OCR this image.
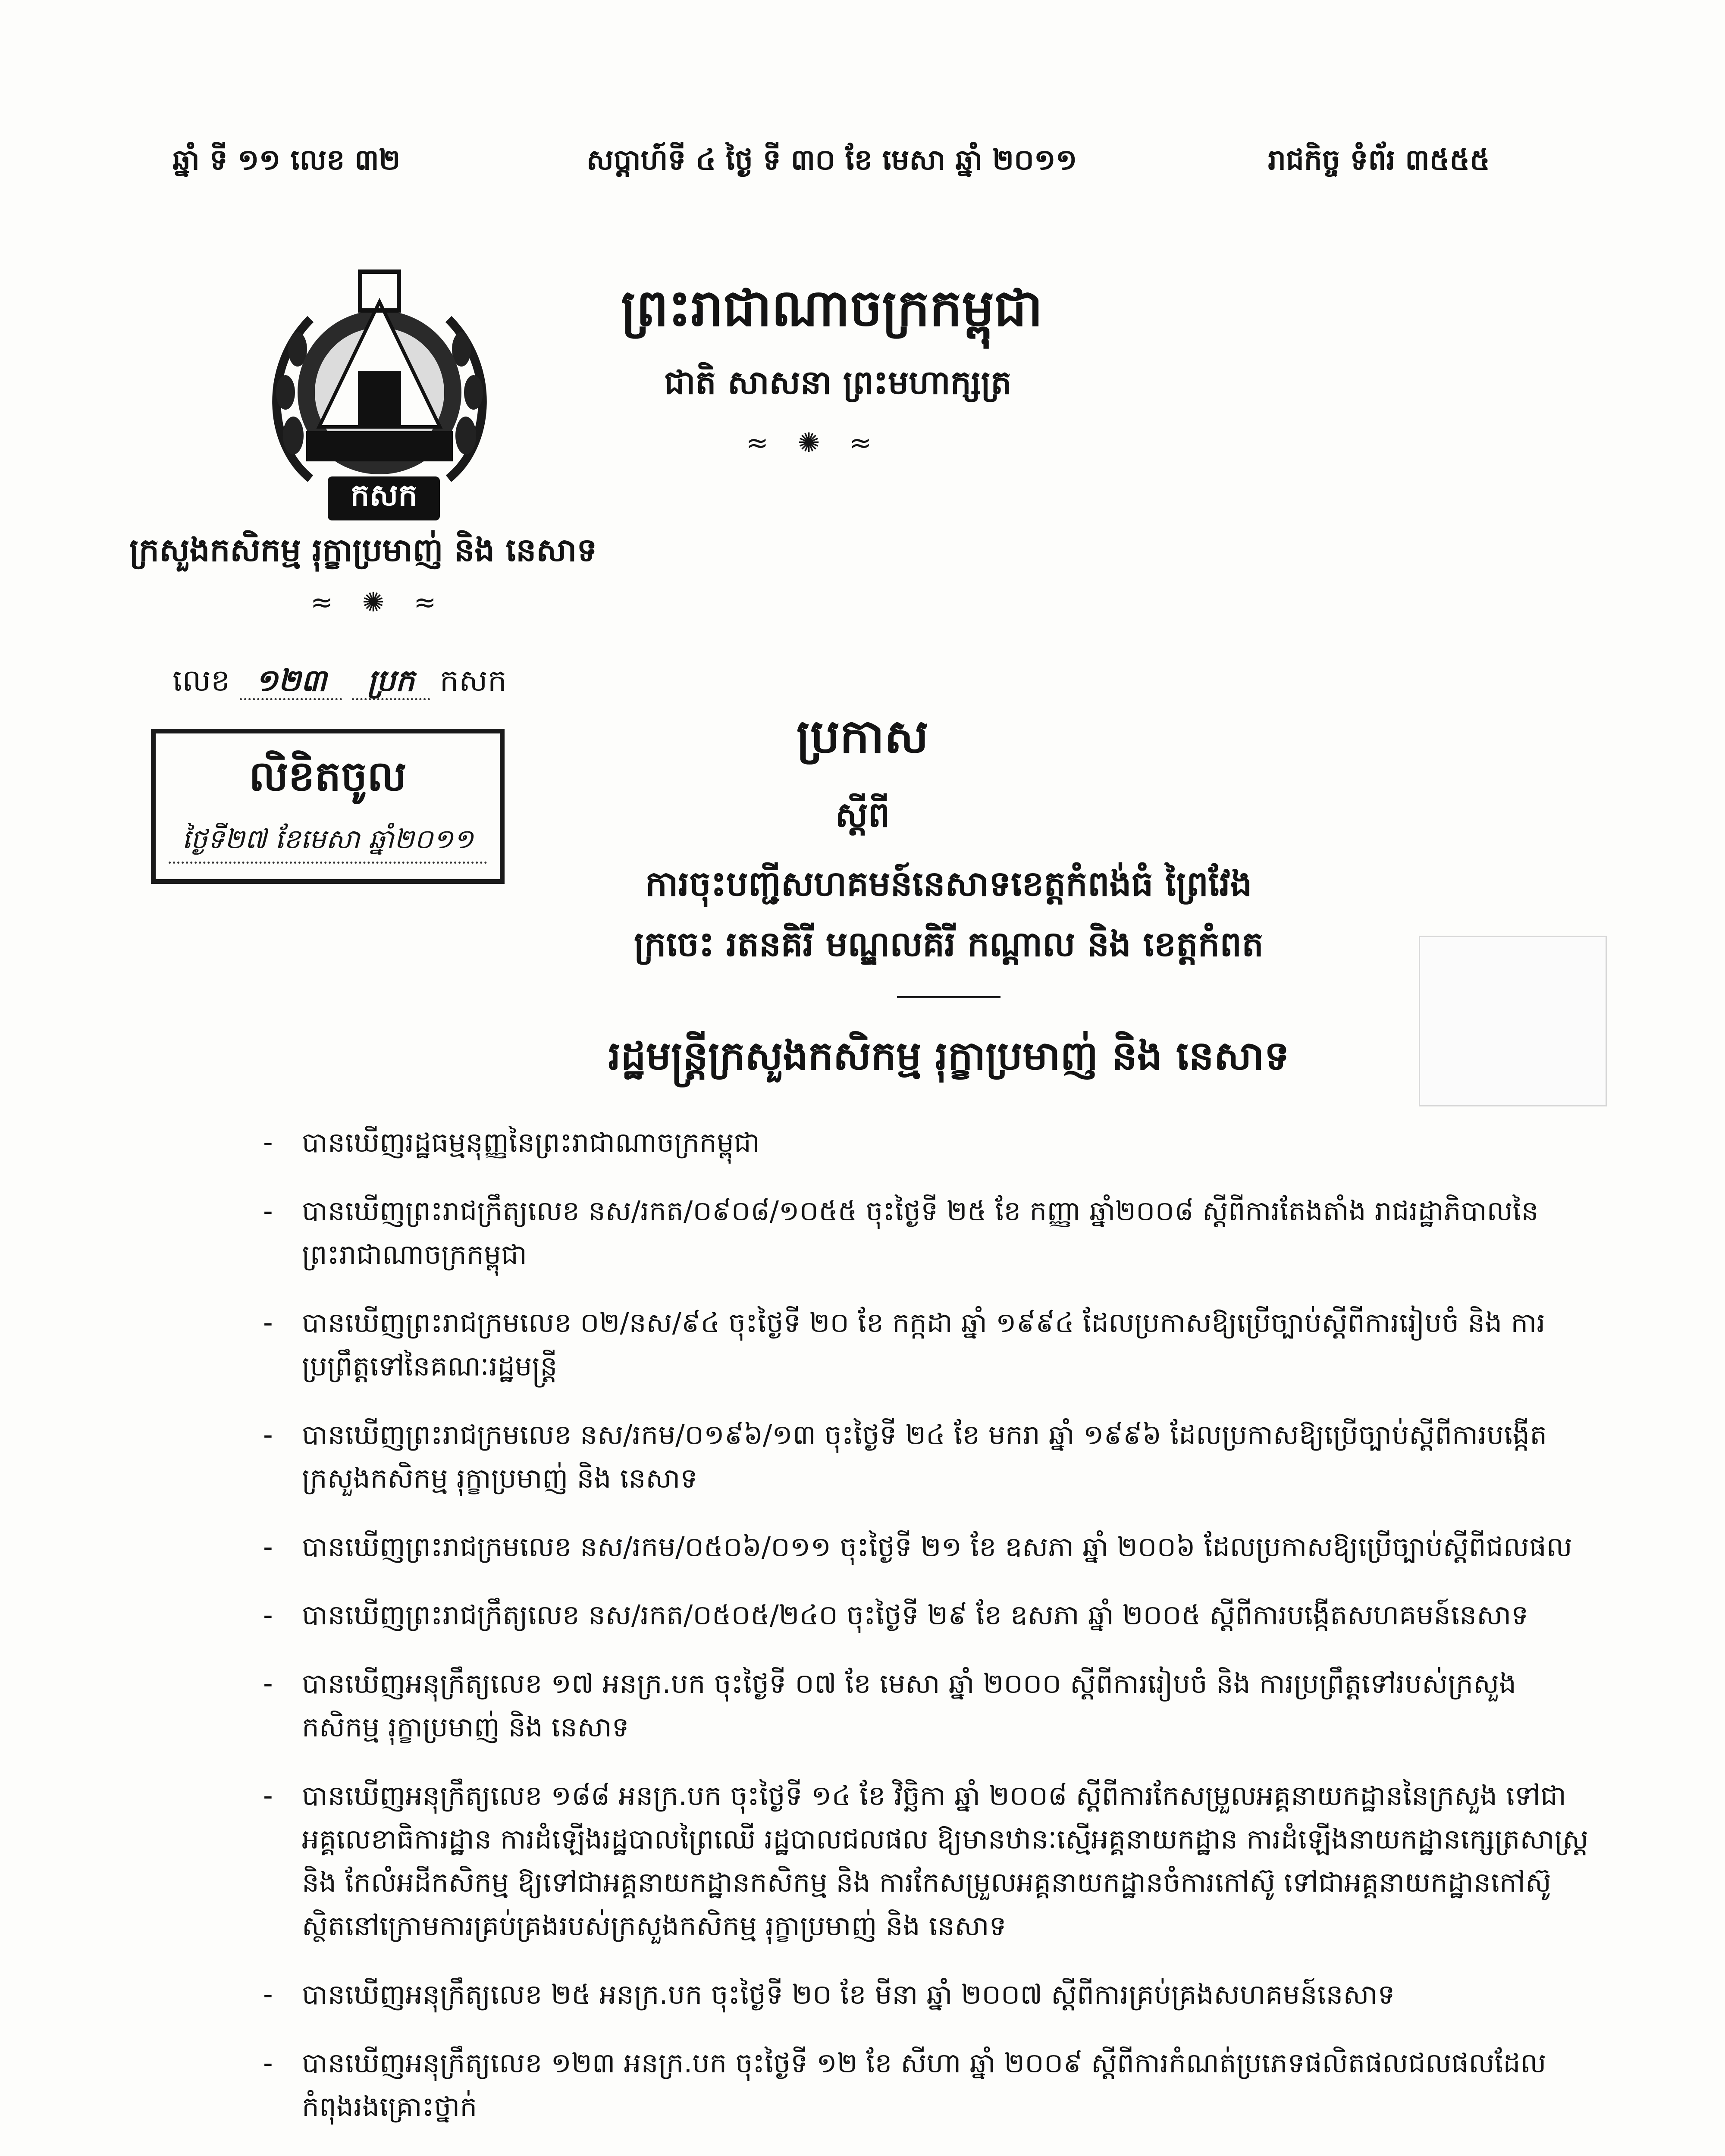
ឆ្នាំ ទី ១១ លេខ ៣២	សប្តាហ៍ទី ៤ ថ្ងៃ ទី ៣០ ខែ មេសា ឆ្នាំ ២០១១	រាជកិច្ច ទំព័រ ៣៥៥៥
កសក
ព្រះរាជាណាចក្រកម្ពុជា
ជាតិ សាសនា ព្រះមហាក្សត្រ
≈ ✺ ≈
ក្រសួងកសិកម្ម រុក្ខាប្រមាញ់ និង នេសាទ
≈ ✺ ≈
លេខ ១២៣ ប្រក កសក
លិខិតចូល
ថ្ងៃទី២៧ ខែមេសា ឆ្នាំ២០១១
ប្រកាស
ស្តីពី
ការចុះបញ្ជីសហគមន៍នេសាទខេត្តកំពង់ធំ ព្រៃវែង
ក្រចេះ រតនគិរី មណ្ឌលគិរី កណ្តាល និង ខេត្តកំពត
រដ្ឋមន្ត្រីក្រសួងកសិកម្ម រុក្ខាប្រមាញ់ និង នេសាទ
- បានឃើញរដ្ឋធម្មនុញ្ញនៃព្រះរាជាណាចក្រកម្ពុជា
- បានឃើញព្រះរាជក្រឹត្យលេខ នស/រកត/០៩០៨/១០៥៥ ចុះថ្ងៃទី ២៥ ខែ កញ្ញា ឆ្នាំ២០០៨ ស្តីពីការតែងតាំង រាជរដ្ឋាភិបាលនៃព្រះរាជាណាចក្រកម្ពុជា
- បានឃើញព្រះរាជក្រមលេខ ០២/នស/៩៤ ចុះថ្ងៃទី ២០ ខែ កក្កដា ឆ្នាំ ១៩៩៤ ដែលប្រកាសឱ្យប្រើច្បាប់ស្តីពីការរៀបចំ និង ការប្រព្រឹត្តទៅនៃគណៈរដ្ឋមន្ត្រី
- បានឃើញព្រះរាជក្រមលេខ នស/រកម/០១៩៦/១៣ ចុះថ្ងៃទី ២៤ ខែ មករា ឆ្នាំ ១៩៩៦ ដែលប្រកាសឱ្យប្រើច្បាប់ស្តីពីការបង្កើតក្រសួងកសិកម្ម រុក្ខាប្រមាញ់ និង នេសាទ
- បានឃើញព្រះរាជក្រមលេខ នស/រកម/០៥០៦/០១១ ចុះថ្ងៃទី ២១ ខែ ឧសភា ឆ្នាំ ២០០៦ ដែលប្រកាសឱ្យប្រើច្បាប់ស្តីពីជលផល
- បានឃើញព្រះរាជក្រឹត្យលេខ នស/រកត/០៥០៥/២៤០ ចុះថ្ងៃទី ២៩ ខែ ឧសភា ឆ្នាំ ២០០៥ ស្តីពីការបង្កើតសហគមន៍នេសាទ
- បានឃើញអនុក្រឹត្យលេខ ១៧ អនក្រ.បក ចុះថ្ងៃទី ០៧ ខែ មេសា ឆ្នាំ ២០០០ ស្តីពីការរៀបចំ និង ការប្រព្រឹត្តទៅរបស់ក្រសួងកសិកម្ម រុក្ខាប្រមាញ់ និង នេសាទ
- បានឃើញអនុក្រឹត្យលេខ ១៨៨ អនក្រ.បក ចុះថ្ងៃទី ១៤ ខែ វិច្ឆិកា ឆ្នាំ ២០០៨ ស្តីពីការកែសម្រួលអគ្គនាយកដ្ឋាននៃក្រសួង ទៅជាអគ្គលេខាធិការដ្ឋាន ការដំឡើងរដ្ឋបាលព្រៃឈើ រដ្ឋបាលជលផល ឱ្យមានឋានៈស្មើអគ្គនាយកដ្ឋាន ការដំឡើងនាយកដ្ឋានក្សេត្រសាស្ត្រ និង កែលំអដីកសិកម្ម ឱ្យទៅជាអគ្គនាយកដ្ឋានកសិកម្ម និង ការកែសម្រួលអគ្គនាយកដ្ឋានចំការកៅស៊ូ ទៅជាអគ្គនាយកដ្ឋានកៅស៊ូ ស្ថិតនៅក្រោមការគ្រប់គ្រងរបស់ក្រសួងកសិកម្ម រុក្ខាប្រមាញ់ និង នេសាទ
- បានឃើញអនុក្រឹត្យលេខ ២៥ អនក្រ.បក ចុះថ្ងៃទី ២០ ខែ មីនា ឆ្នាំ ២០០៧ ស្តីពីការគ្រប់គ្រងសហគមន៍នេសាទ
- បានឃើញអនុក្រឹត្យលេខ ១២៣ អនក្រ.បក ចុះថ្ងៃទី ១២ ខែ សីហា ឆ្នាំ ២០០៩ ស្តីពីការកំណត់ប្រភេទផលិតផលជលផលដែលកំពុងរងគ្រោះថ្នាក់
